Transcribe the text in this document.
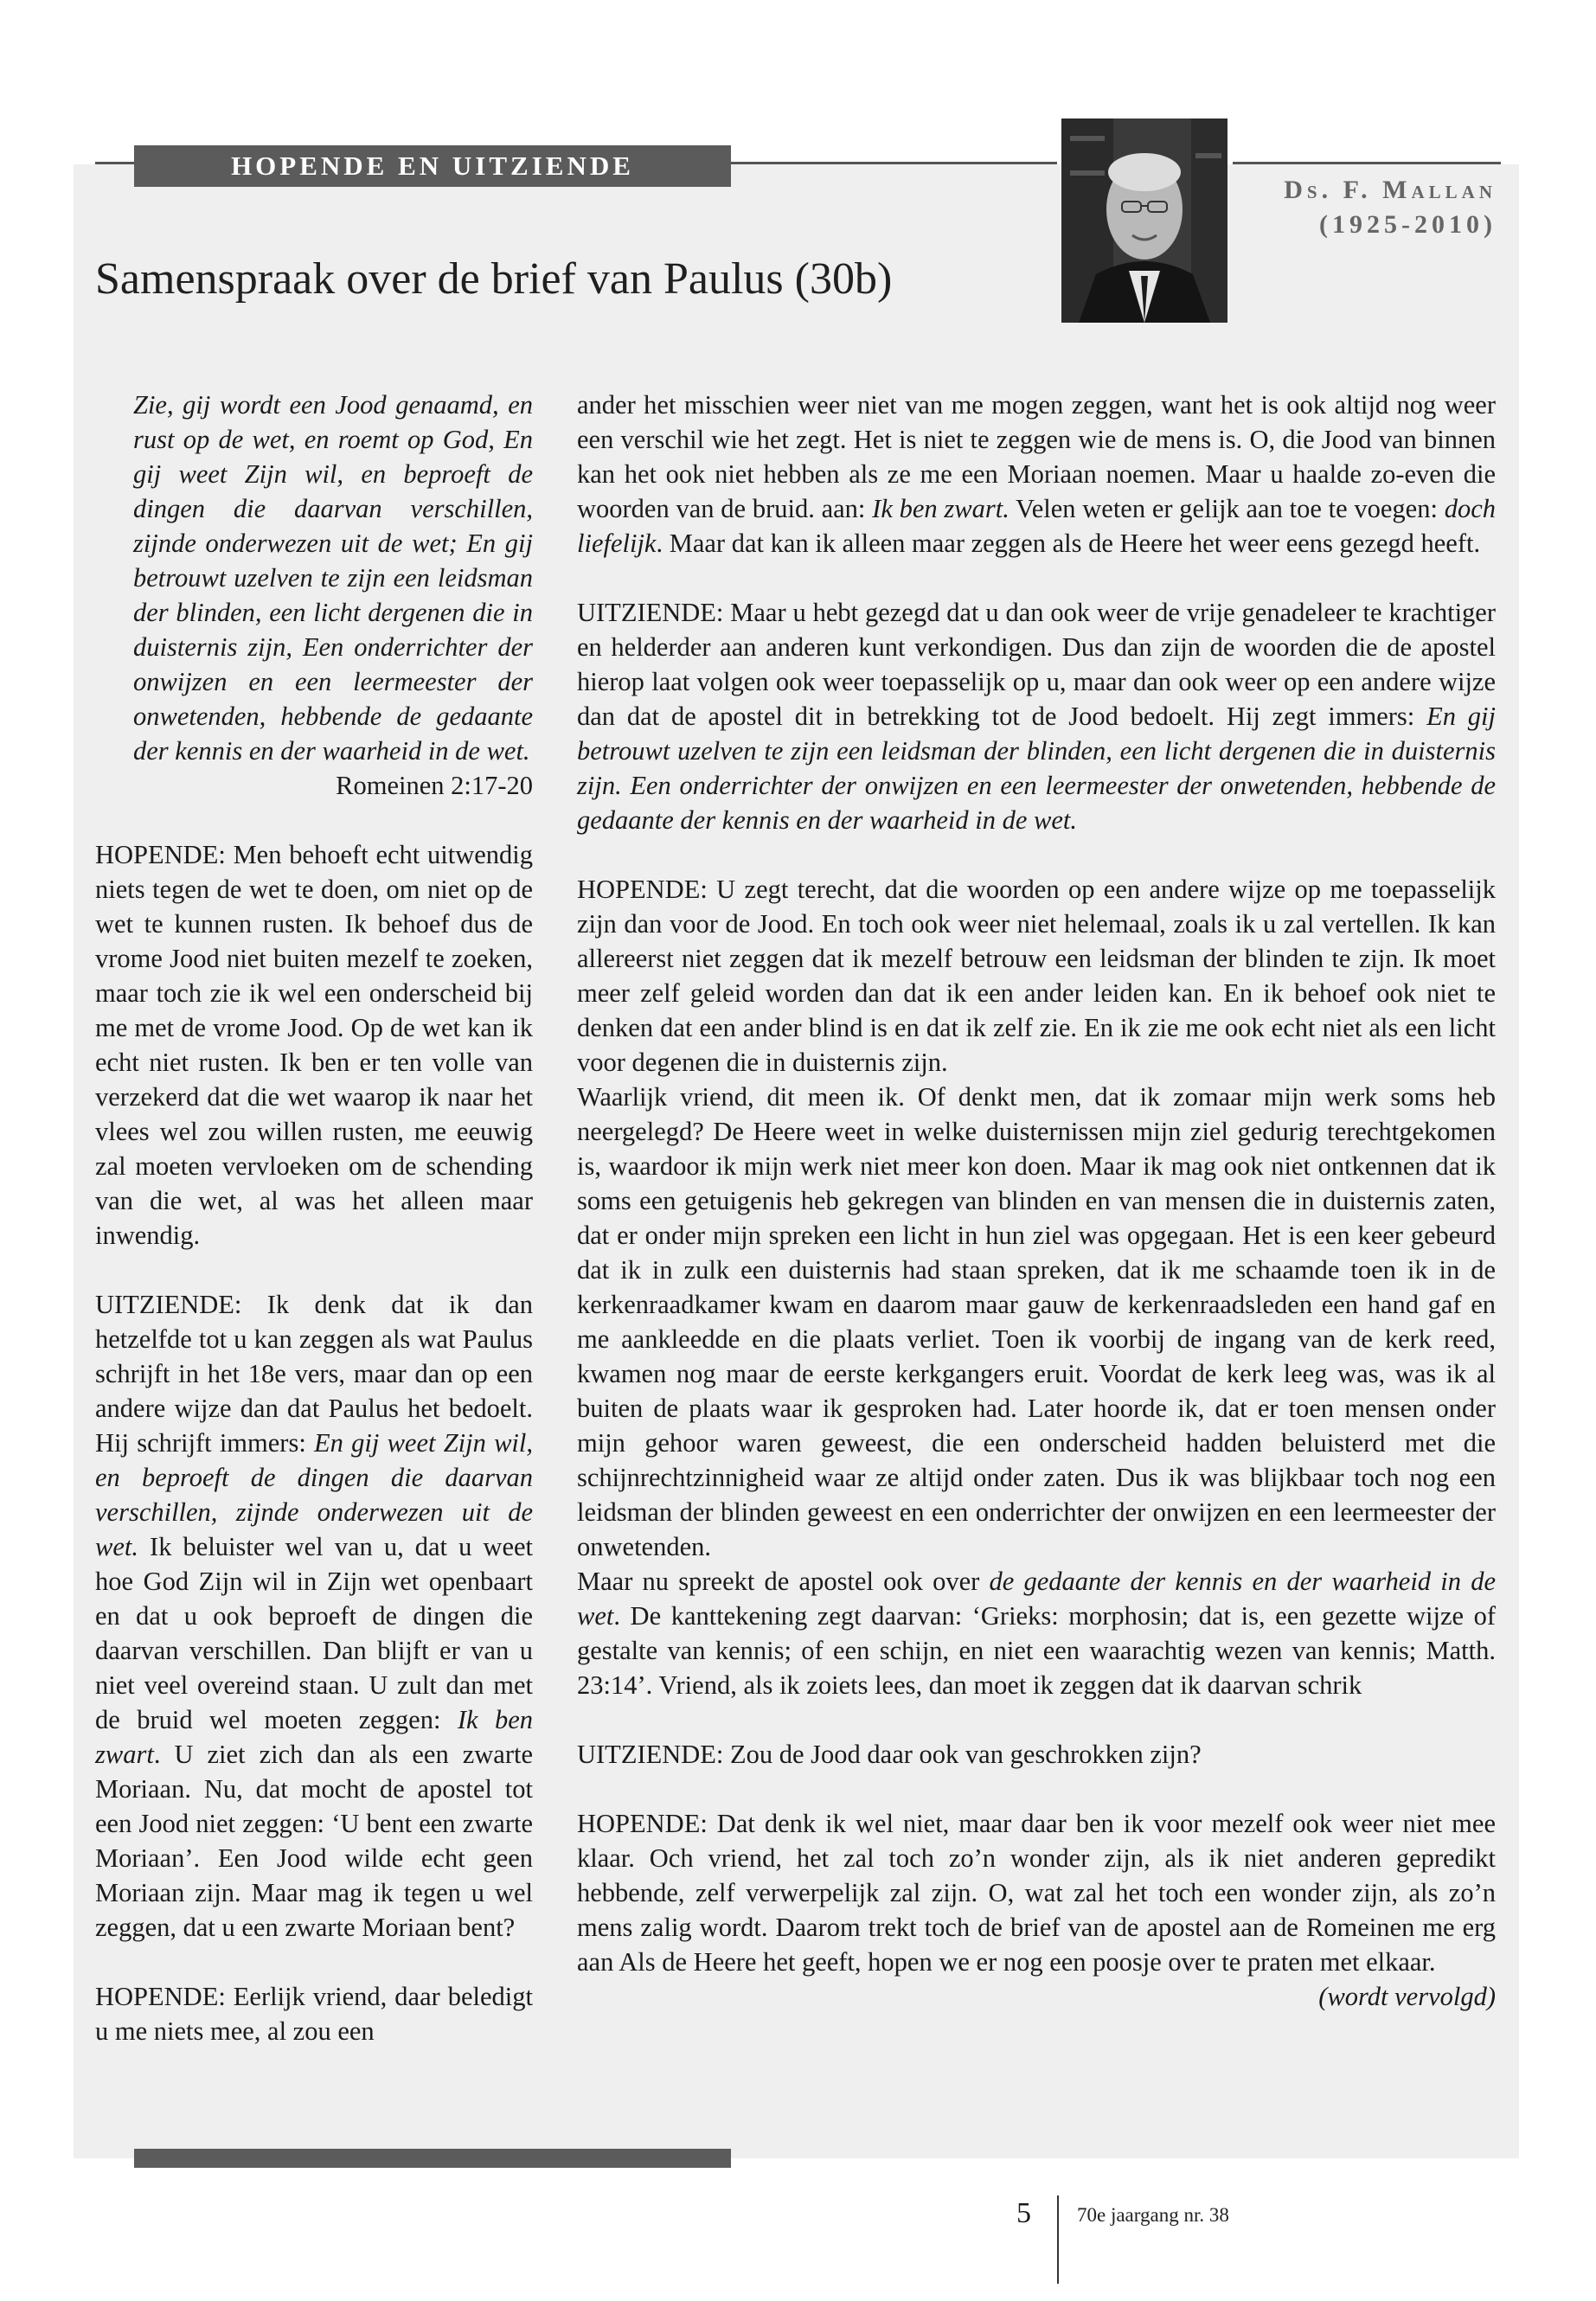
HOPENDE EN UITZIENDE
Ds. F. Mallan
(1925-2010)
Samenspraak over de brief van Paulus (30b)

Zie, gij wordt een Jood genaamd, en rust op de wet, en roemt op God, En gij weet Zijn wil, en beproeft de dingen die daarvan verschillen, zijnde onderwezen uit de wet; En gij betrouwt uzelven te zijn een leidsman der blinden, een licht dergenen die in duisternis zijn, Een onderrichter der onwijzen en een leermeester der onwetenden, hebbende de gedaante der kennis en der waarheid in de wet.

Romeinen 2:17-20

HOPENDE: Men behoeft echt uitwendig niets tegen de wet te doen, om niet op de wet te kunnen rusten. Ik behoef dus de vrome Jood niet buiten mezelf te zoeken, maar toch zie ik wel een onderscheid bij me met de vrome Jood. Op de wet kan ik echt niet rusten. Ik ben er ten volle van verzekerd dat die wet waarop ik naar het vlees wel zou willen rusten, me eeuwig zal moeten vervloeken om de schending van die wet, al was het alleen maar inwendig.

UITZIENDE: Ik denk dat ik dan hetzelfde tot u kan zeggen als wat Paulus schrijft in het 18e vers, maar dan op een andere wijze dan dat Paulus het bedoelt. Hij schrijft immers: En gij weet Zijn wil, en beproeft de dingen die daarvan verschillen, zijnde onderwezen uit de wet. Ik beluister wel van u, dat u weet hoe God Zijn wil in Zijn wet openbaart en dat u ook beproeft de dingen die daarvan verschillen. Dan blijft er van u niet veel overeind staan. U zult dan met de bruid wel moeten zeggen: Ik ben zwart. U ziet zich dan als een zwarte Moriaan. Nu, dat mocht de apostel tot een Jood niet zeggen: ‘U bent een zwarte Moriaan’. Een Jood wilde echt geen Moriaan zijn. Maar mag ik tegen u wel zeggen, dat u een zwarte Moriaan bent?

HOPENDE: Eerlijk vriend, daar beledigt u me niets mee, al zou een

ander het misschien weer niet van me mogen zeggen, want het is ook altijd nog weer een verschil wie het zegt. Het is niet te zeggen wie de mens is. O, die Jood van binnen kan het ook niet hebben als ze me een Moriaan noemen. Maar u haalde zo-even die woorden van de bruid. aan: Ik ben zwart. Velen weten er gelijk aan toe te voegen: doch liefelijk. Maar dat kan ik alleen maar zeggen als de Heere het weer eens gezegd heeft.

UITZIENDE: Maar u hebt gezegd dat u dan ook weer de vrije genadeleer te krachtiger en helderder aan anderen kunt verkondigen. Dus dan zijn de woorden die de apostel hierop laat volgen ook weer toepasselijk op u, maar dan ook weer op een andere wijze dan dat de apostel dit in betrekking tot de Jood bedoelt. Hij zegt immers: En gij betrouwt uzelven te zijn een leidsman der blinden, een licht dergenen die in duisternis zijn. Een onderrichter der onwijzen en een leermeester der onwetenden, hebbende de gedaante der kennis en der waarheid in de wet.

HOPENDE: U zegt terecht, dat die woorden op een andere wijze op me toepasselijk zijn dan voor de Jood. En toch ook weer niet helemaal, zoals ik u zal vertellen. Ik kan allereerst niet zeggen dat ik mezelf betrouw een leidsman der blinden te zijn. Ik moet meer zelf geleid worden dan dat ik een ander leiden kan. En ik behoef ook niet te denken dat een ander blind is en dat ik zelf zie. En ik zie me ook echt niet als een licht voor degenen die in duisternis zijn.

Waarlijk vriend, dit meen ik. Of denkt men, dat ik zomaar mijn werk soms heb neergelegd? De Heere weet in welke duisternissen mijn ziel gedurig terechtgekomen is, waardoor ik mijn werk niet meer kon doen. Maar ik mag ook niet ontkennen dat ik soms een getuigenis heb gekregen van blinden en van mensen die in duisternis zaten, dat er onder mijn spreken een licht in hun ziel was opgegaan. Het is een keer gebeurd dat ik in zulk een duisternis had staan spreken, dat ik me schaamde toen ik in de kerkenraadkamer kwam en daarom maar gauw de kerkenraadsleden een hand gaf en me aankleedde en die plaats verliet. Toen ik voorbij de ingang van de kerk reed, kwamen nog maar de eerste kerkgangers eruit. Voordat de kerk leeg was, was ik al buiten de plaats waar ik gesproken had. Later hoorde ik, dat er toen mensen onder mijn gehoor waren geweest, die een onderscheid hadden beluisterd met die schijnrechtzinnigheid waar ze altijd onder zaten. Dus ik was blijkbaar toch nog een leidsman der blinden geweest en een onderrichter der onwijzen en een leermeester der onwetenden.

Maar nu spreekt de apostel ook over de gedaante der kennis en der waarheid in de wet. De kanttekening zegt daarvan: ‘Grieks: morphosin; dat is, een gezette wijze of gestalte van kennis; of een schijn, en niet een waarachtig wezen van kennis; Matth. 23:14’. Vriend, als ik zoiets lees, dan moet ik zeggen dat ik daarvan schrik

UITZIENDE: Zou de Jood daar ook van geschrokken zijn?

HOPENDE: Dat denk ik wel niet, maar daar ben ik voor mezelf ook weer niet mee klaar. Och vriend, het zal toch zo’n wonder zijn, als ik niet anderen gepredikt hebbende, zelf verwerpelijk zal zijn. O, wat zal het toch een wonder zijn, als zo’n mens zalig wordt. Daarom trekt toch de brief van de apostel aan de Romeinen me erg aan Als de Heere het geeft, hopen we er nog een poosje over te praten met elkaar.
(wordt vervolgd)

5 70e jaargang nr. 38
